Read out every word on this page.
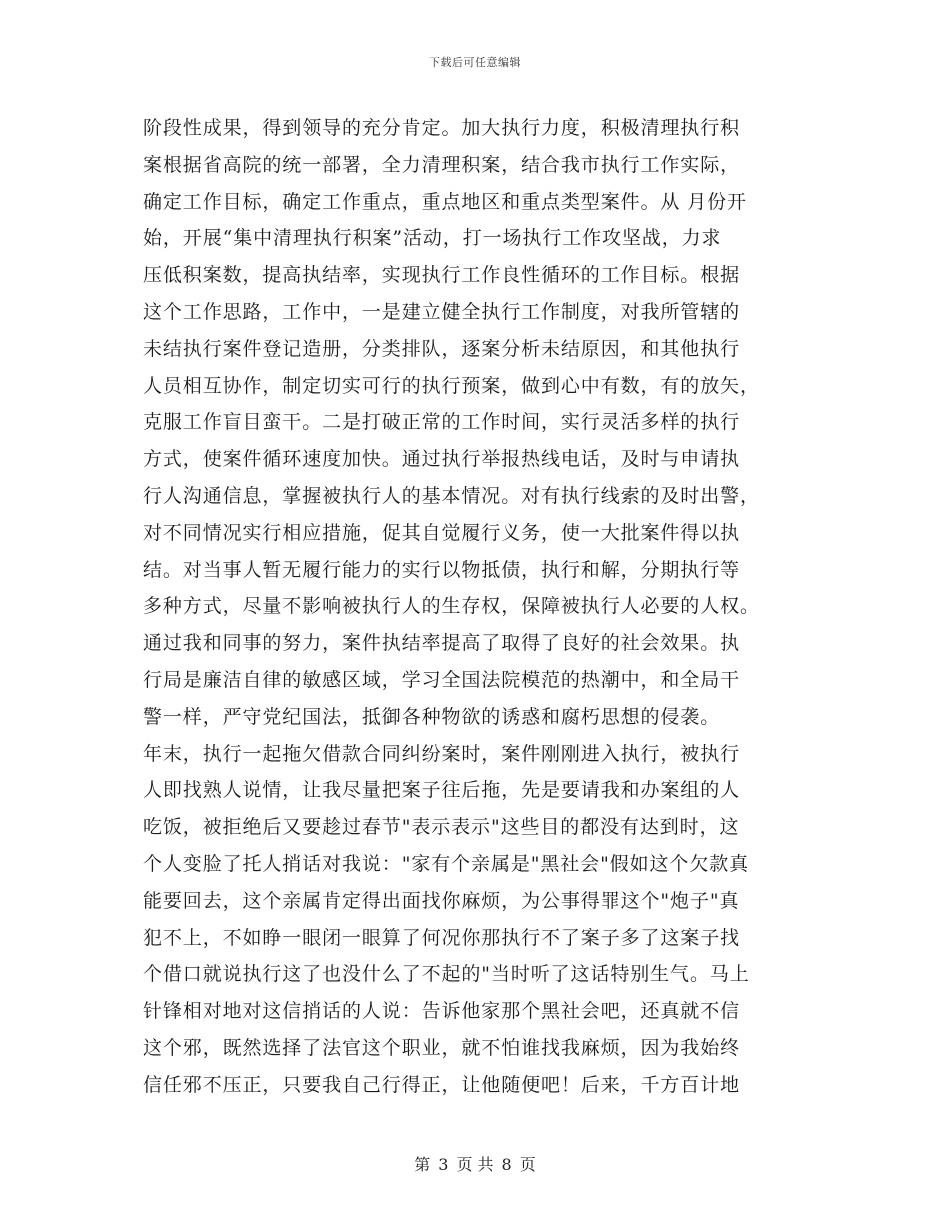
下载后可任意编辑
阶段性成果，得到领导的充分肯定。加大执行力度，积极清理执行积
案根据省高院的统一部署，全力清理积案，结合我市执行工作实际，
确定工作目标，确定工作重点，重点地区和重点类型案件。从 月份开
始，开展“集中清理执行积案”活动，打一场执行工作攻坚战，力求
压低积案数，提高执结率，实现执行工作良性循环的工作目标。根据
这个工作思路，工作中，一是建立健全执行工作制度，对我所管辖的
未结执行案件登记造册，分类排队，逐案分析未结原因，和其他执行
人员相互协作，制定切实可行的执行预案，做到心中有数，有的放矢，
克服工作盲目蛮干。二是打破正常的工作时间，实行灵活多样的执行
方式，使案件循环速度加快。通过执行举报热线电话，及时与申请执
行人沟通信息，掌握被执行人的基本情况。对有执行线索的及时出警，
对不同情况实行相应措施，促其自觉履行义务，使一大批案件得以执
结。对当事人暂无履行能力的实行以物抵债，执行和解，分期执行等
多种方式，尽量不影响被执行人的生存权，保障被执行人必要的人权。
通过我和同事的努力，案件执结率提高了取得了良好的社会效果。执
行局是廉洁自律的敏感区域，学习全国法院模范的热潮中，和全局干
警一样，严守党纪国法，抵御各种物欲的诱惑和腐朽思想的侵袭。
年末，执行一起拖欠借款合同纠纷案时，案件刚刚进入执行，被执行
人即找熟人说情，让我尽量把案子往后拖，先是要请我和办案组的人
吃饭，被拒绝后又要趁过春节"表示表示"这些目的都没有达到时，这
个人变脸了托人捎话对我说："家有个亲属是"黑社会"假如这个欠款真
能要回去，这个亲属肯定得出面找你麻烦，为公事得罪这个"炮子"真
犯不上，不如睁一眼闭一眼算了何况你那执行不了案子多了这案子找
个借口就说执行这了也没什么了不起的"当时听了这话特别生气。马上
针锋相对地对这信捎话的人说：告诉他家那个黑社会吧，还真就不信
这个邪，既然选择了法官这个职业，就不怕谁找我麻烦，因为我始终
信任邪不压正，只要我自己行得正，让他随便吧！后来，千方百计地
第 3 页 共 8 页
